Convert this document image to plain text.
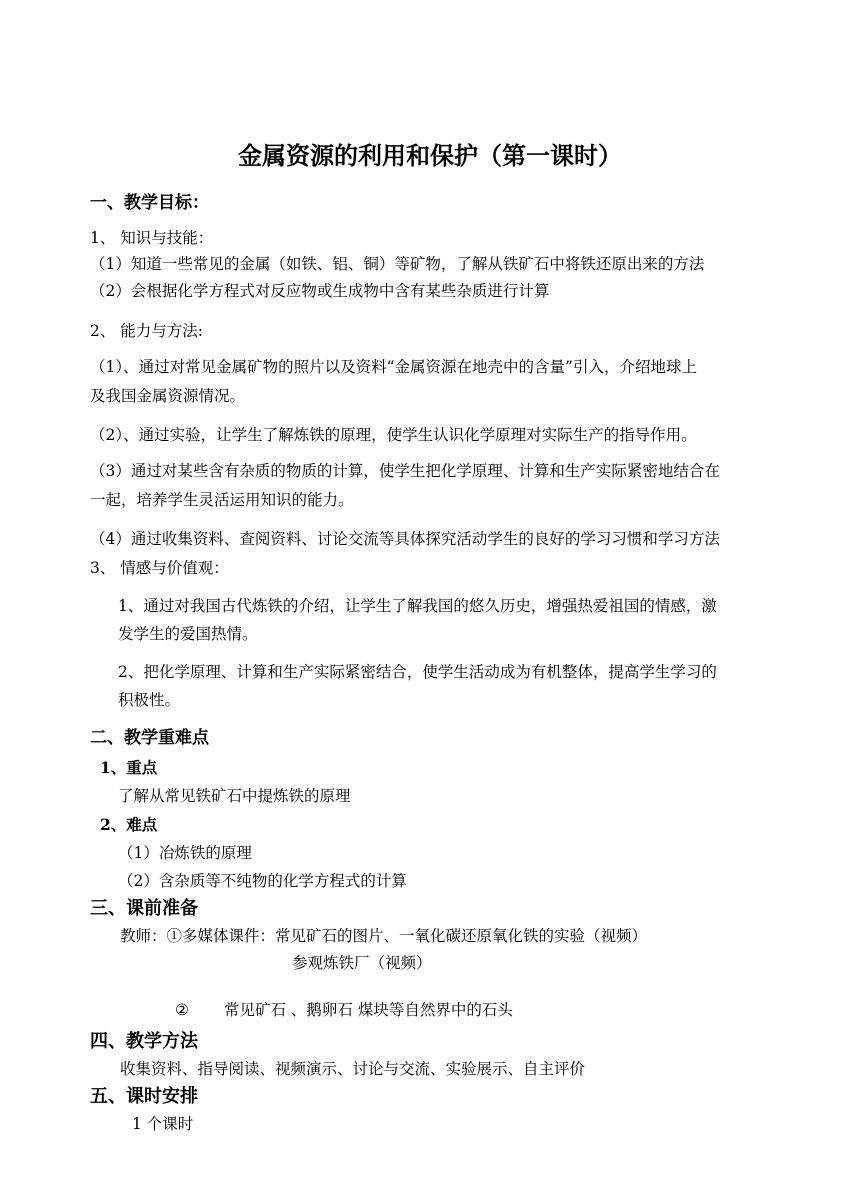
金属资源的利用和保护（第一课时）
一、教学目标：
1、 知识与技能：
（1）知道一些常见的金属（如铁、铝、铜）等矿物，了解从铁矿石中将铁还原出来的方法
（2）会根据化学方程式对反应物或生成物中含有某些杂质进行计算
2、 能力与方法:
（1）、通过对常见金属矿物的照片以及资料“金属资源在地壳中的含量”引入，介绍地球上
及我国金属资源情况。
（2）、通过实验，让学生了解炼铁的原理，使学生认识化学原理对实际生产的指导作用。
（3）通过对某些含有杂质的物质的计算，使学生把化学原理、计算和生产实际紧密地结合在
一起，培养学生灵活运用知识的能力。
（4）通过收集资料、查阅资料、讨论交流等具体探究活动学生的良好的学习习惯和学习方法
3、 情感与价值观：
1、通过对我国古代炼铁的介绍，让学生了解我国的悠久历史，增强热爱祖国的情感，激
发学生的爱国热情。
2、把化学原理、计算和生产实际紧密结合，使学生活动成为有机整体，提高学生学习的
积极性。
二、教学重难点
1、重点
了解从常见铁矿石中提炼铁的原理
2、难点
（1）冶炼铁的原理
（2）含杂质等不纯物的化学方程式的计算
三、课前准备
教师：①多媒体课件：常见矿石的图片、一氧化碳还原氧化铁的实验（视频）
参观炼铁厂（视频）
② 常见矿石 、鹅卵石 煤块等自然界中的石头
四、教学方法
收集资料、指导阅读、视频演示、讨论与交流、实验展示、自主评价
五、课时安排
1 个课时
